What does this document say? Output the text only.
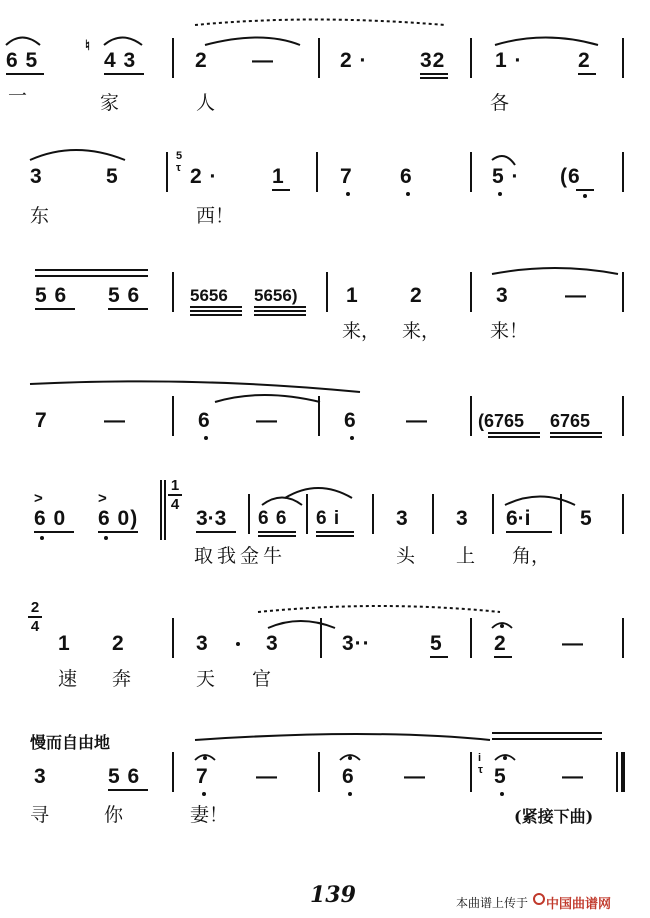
6 5
♮
4 3	2 —	2 · 32 1 ·	2
一	家	人	各
3	5
5
τ 2 ·	1	7 6	5 · (6
东	西！
5 6 5 6	5656 5656) 1 2	3	—
来， 来，	来！
7	—	6 —	6 —	(6765 6765
>	>
6 0 6 0)
1
4
3·3 6 6 6 i	3 3 6·i 5
取我金牛	头 上 角，
2
4
1 2	3	3	3··	5 2	—
速 奔	天 官
慢而自由地
3	5 6	7 —	6 —
i
τ 5	—
寻	你	妻！	(紧接下曲)
139	本曲谱上传于 中国曲谱网
